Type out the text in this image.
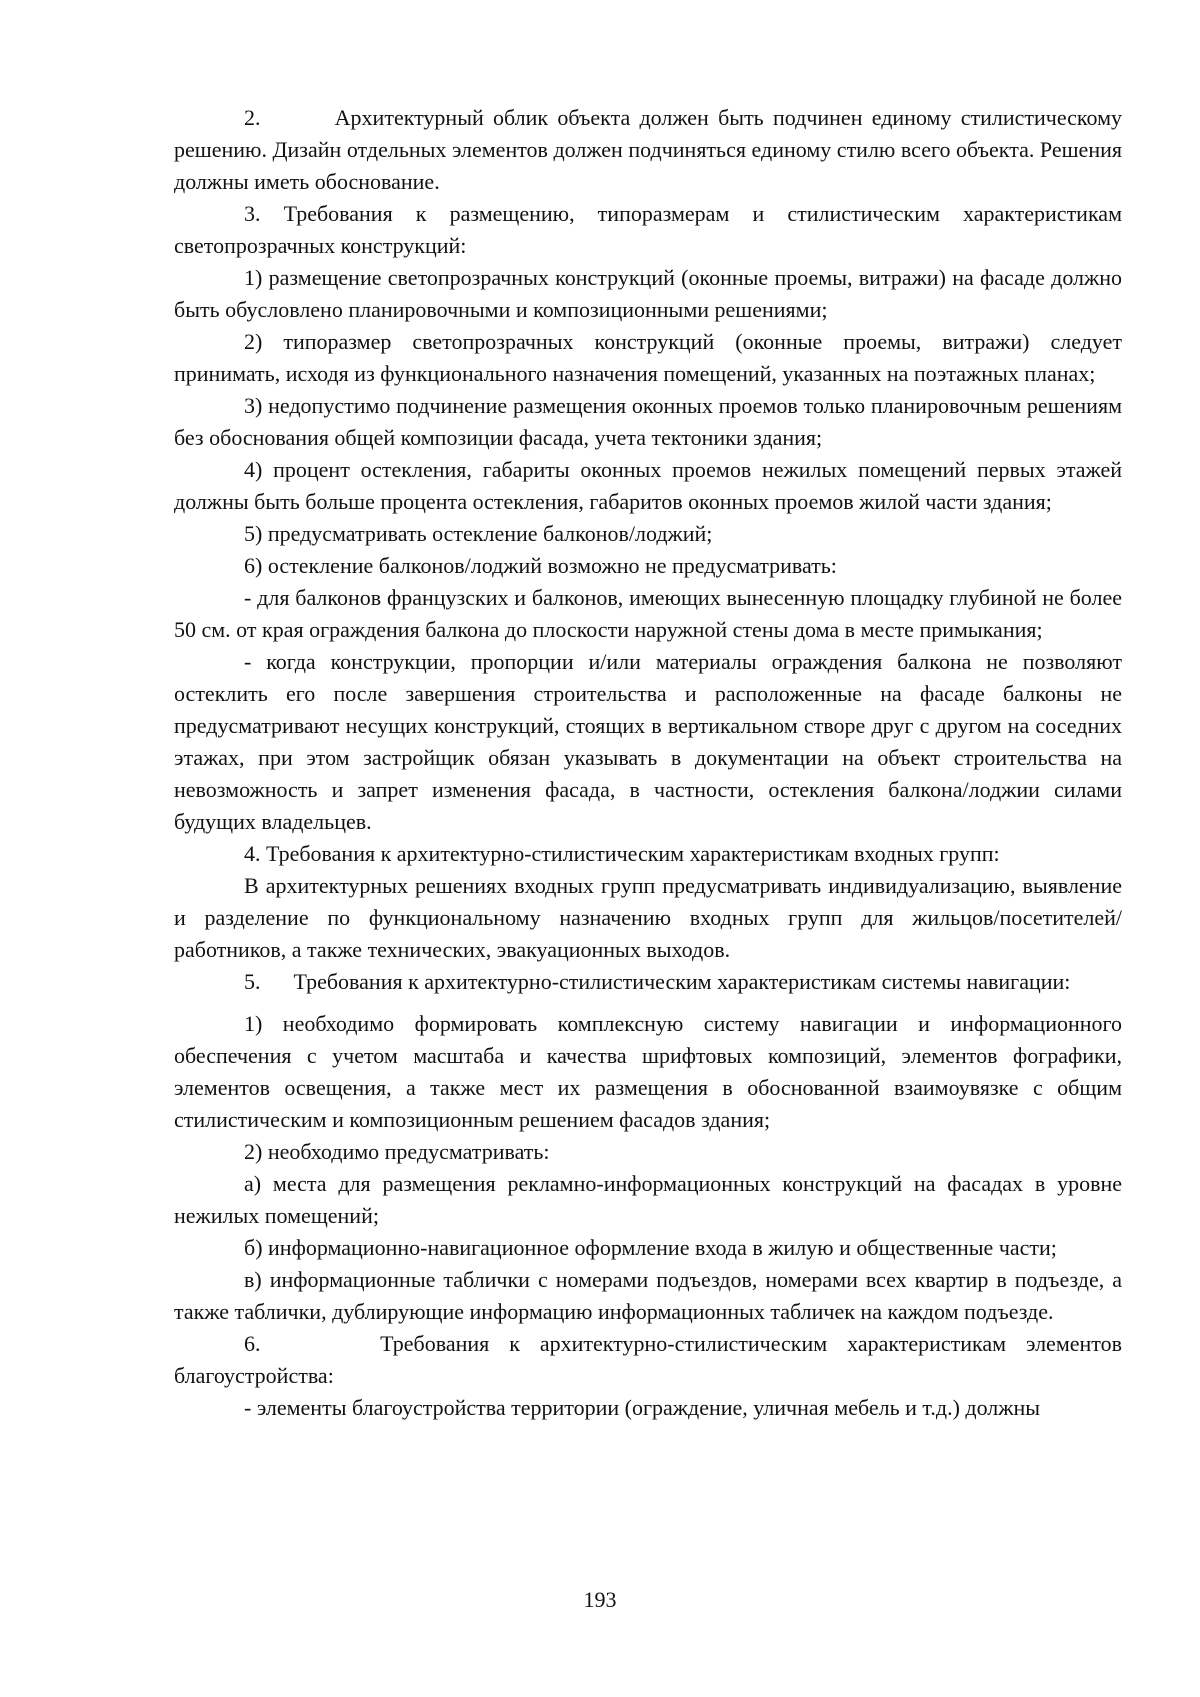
2.        Архитектурный облик объекта должен быть подчинен единому стилистическому решению. Дизайн отдельных элементов должен подчиняться единому стилю всего объекта. Решения должны иметь обоснование.

3. Требования к размещению, типоразмерам и стилистическим характеристикам светопрозрачных конструкций:

1) размещение светопрозрачных конструкций (оконные проемы, витражи) на фасаде должно быть обусловлено планировочными и композиционными решениями;

2) типоразмер светопрозрачных конструкций (оконные проемы, витражи) следует принимать, исходя из функционального назначения помещений, указанных на поэтажных планах;

3) недопустимо подчинение размещения оконных проемов только планировочным решениям без обоснования общей композиции фасада, учета тектоники здания;

4) процент остекления, габариты оконных проемов нежилых помещений первых этажей должны быть больше процента остекления, габаритов оконных проемов жилой части здания;

5) предусматривать остекление балконов/лоджий;

6) остекление балконов/лоджий возможно не предусматривать:

- для балконов французских и балконов, имеющих вынесенную площадку глубиной не более 50 см. от края ограждения балкона до плоскости наружной стены дома в месте примыкания;

- когда конструкции, пропорции и/или материалы ограждения балкона не позволяют остеклить его после завершения строительства и расположенные на фасаде балконы не предусматривают несущих конструкций, стоящих в вертикальном створе друг с другом на соседних этажах, при этом застройщик обязан указывать в документации на объект строительства на невозможность и запрет изменения фасада, в частности, остекления балкона/лоджии силами будущих владельцев.

4. Требования к архитектурно-стилистическим характеристикам входных групп:

В архитектурных решениях входных групп предусматривать индивидуализацию, выявление и разделение по функциональному назначению входных групп для жильцов/посетителей/работников, а также технических, эвакуационных выходов.

5.      Требования к архитектурно-стилистическим характеристикам системы навигации:

1) необходимо формировать комплексную систему навигации и информационного обеспечения с учетом масштаба и качества шрифтовых композиций, элементов фографики, элементов освещения, а также мест их размещения в обоснованной взаимоувязке с общим стилистическим и композиционным решением фасадов здания;

2) необходимо предусматривать:

а) места для размещения рекламно-информационных конструкций на фасадах в уровне нежилых помещений;

б) информационно-навигационное оформление входа в жилую и общественные части;

в) информационные таблички с номерами подъездов, номерами всех квартир в подъезде, а также таблички, дублирующие информацию информационных табличек на каждом подъезде.

6.      Требования к архитектурно-стилистическим характеристикам элементов благоустройства:

- элементы благоустройства территории (ограждение, уличная мебель и т.д.) должны

193
